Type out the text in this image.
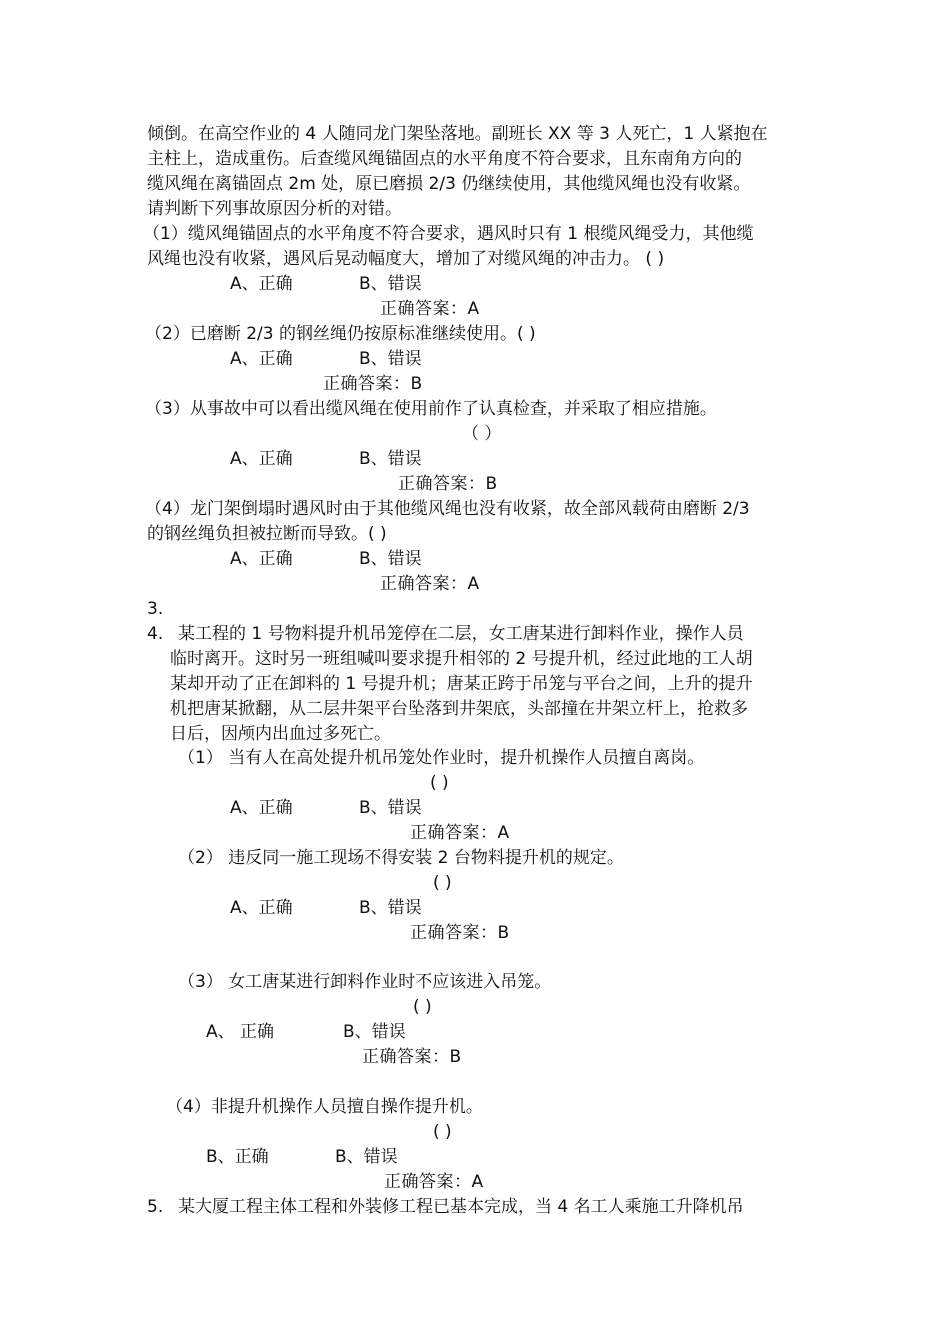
倾倒。在高空作业的 4 人随同龙门架坠落地。副班长 XX 等 3 人死亡，1 人紧抱在
主柱上，造成重伤。后查缆风绳锚固点的水平角度不符合要求，且东南角方向的
缆风绳在离锚固点 2m 处，原已磨损 2/3 仍继续使用，其他缆风绳也没有收紧。
请判断下列事故原因分析的对错。
（1）缆风绳锚固点的水平角度不符合要求，遇风时只有 1 根缆风绳受力，其他缆
风绳也没有收紧，遇风后晃动幅度大，增加了对缆风绳的冲击力。 ( )
A、正确	B、错误
正确答案：A
（2）已磨断 2/3 的钢丝绳仍按原标准继续使用。( )
A、正确	B、错误
正确答案：B
（3）从事故中可以看出缆风绳在使用前作了认真检查，并采取了相应措施。
（ ）
A、正确	B、错误
正确答案：B
（4）龙门架倒塌时遇风时由于其他缆风绳也没有收紧，故全部风载荷由磨断 2/3
的钢丝绳负担被拉断而导致。( )
A、正确	B、错误
正确答案：A
3.
4. 某工程的 1 号物料提升机吊笼停在二层，女工唐某进行卸料作业，操作人员
临时离开。这时另一班组喊叫要求提升相邻的 2 号提升机，经过此地的工人胡
某却开动了正在卸料的 1 号提升机；唐某正跨于吊笼与平台之间，上升的提升
机把唐某掀翻，从二层井架平台坠落到井架底，头部撞在井架立杆上，抢救多
日后，因颅内出血过多死亡。
（1） 当有人在高处提升机吊笼处作业时，提升机操作人员擅自离岗。
( )
A、正确	B、错误
正确答案：A
（2） 违反同一施工现场不得安装 2 台物料提升机的规定。
( )
A、正确	B、错误
正确答案：B
（3） 女工唐某进行卸料作业时不应该进入吊笼。
( )
A、 正确	B、错误
正确答案：B
（4）非提升机操作人员擅自操作提升机。
( )
B、正确	B、错误
正确答案：A
5. 某大厦工程主体工程和外装修工程已基本完成，当 4 名工人乘施工升降机吊
